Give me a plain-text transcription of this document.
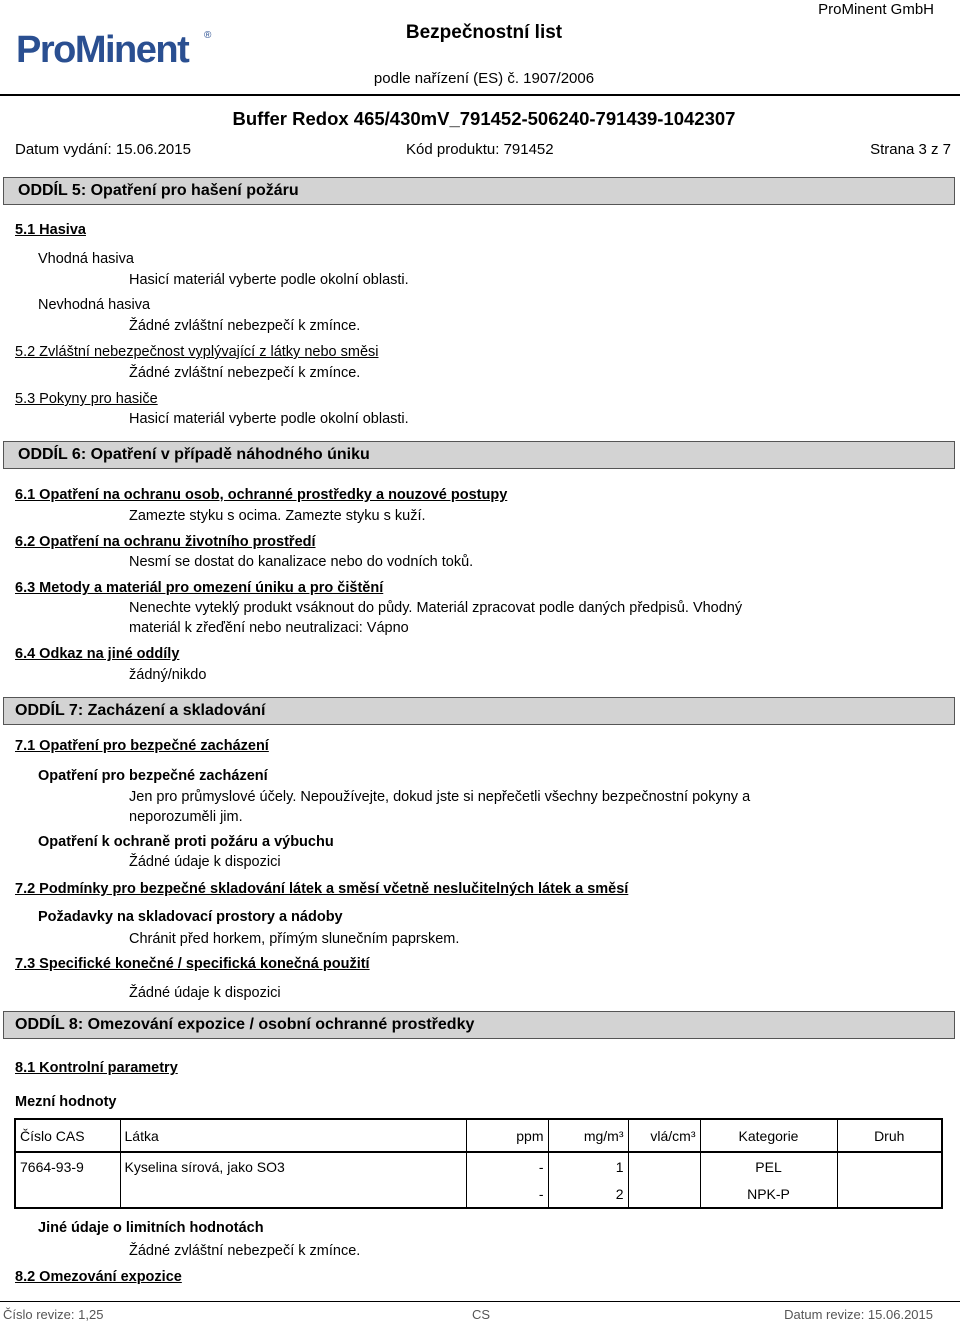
ProMinent ®	Bezpečnostní list
ProMinent GmbH
podle nařízení (ES) č. 1907/2006
Buffer Redox 465/430mV_791452-506240-791439-1042307
Datum vydání: 15.06.2015	Kód produktu: 791452	Strana 3 z 7
ODDÍL 5: Opatření pro hašení požáru
5.1 Hasiva
Vhodná hasiva
Hasicí materiál vyberte podle okolní oblasti.
Nevhodná hasiva
Žádné zvláštní nebezpečí k zmínce.
5.2 Zvláštní nebezpečnost vyplývající z látky nebo směsi
Žádné zvláštní nebezpečí k zmínce.
5.3 Pokyny pro hasiče
Hasicí materiál vyberte podle okolní oblasti.
ODDÍL 6: Opatření v případě náhodného úniku
6.1 Opatření na ochranu osob, ochranné prostředky a nouzové postupy
Zamezte styku s ocima. Zamezte styku s kuží.
6.2 Opatření na ochranu životního prostředí
Nesmí se dostat do kanalizace nebo do vodních toků.
6.3 Metody a materiál pro omezení úniku a pro čištění
Nenechte vyteklý produkt vsáknout do půdy. Materiál zpracovat podle daných předpisů. Vhodný
materiál k zřeďění nebo neutralizaci: Vápno
6.4 Odkaz na jiné oddíly
žádný/nikdo
ODDÍL 7: Zacházení a skladování
7.1 Opatření pro bezpečné zacházení
Opatření pro bezpečné zacházení
Jen pro průmyslové účely. Nepoužívejte, dokud jste si nepřečetli všechny bezpečnostní pokyny a
neporozuměli jim.
Opatření k ochraně proti požáru a výbuchu
Žádné údaje k dispozici
7.2 Podmínky pro bezpečné skladování látek a směsí včetně neslučitelných látek a směsí
Požadavky na skladovací prostory a nádoby
Chránit před horkem, přímým slunečním paprskem.
7.3 Specifické konečné / specifická konečná použití
Žádné údaje k dispozici
ODDÍL 8: Omezování expozice / osobní ochranné prostředky
8.1 Kontrolní parametry
Mezní hodnoty
Číslo CAS	Látka	ppm	mg/m³	vlá/cm³	Kategorie	Druh
7664-93-9	Kyselina sírová, jako SO3	-	1		PEL	
		-	2		NPK-P	
Jiné údaje o limitních hodnotách
Žádné zvláštní nebezpečí k zmínce.
8.2 Omezování expozice
Číslo revize: 1,25	CS	Datum revize: 15.06.2015
